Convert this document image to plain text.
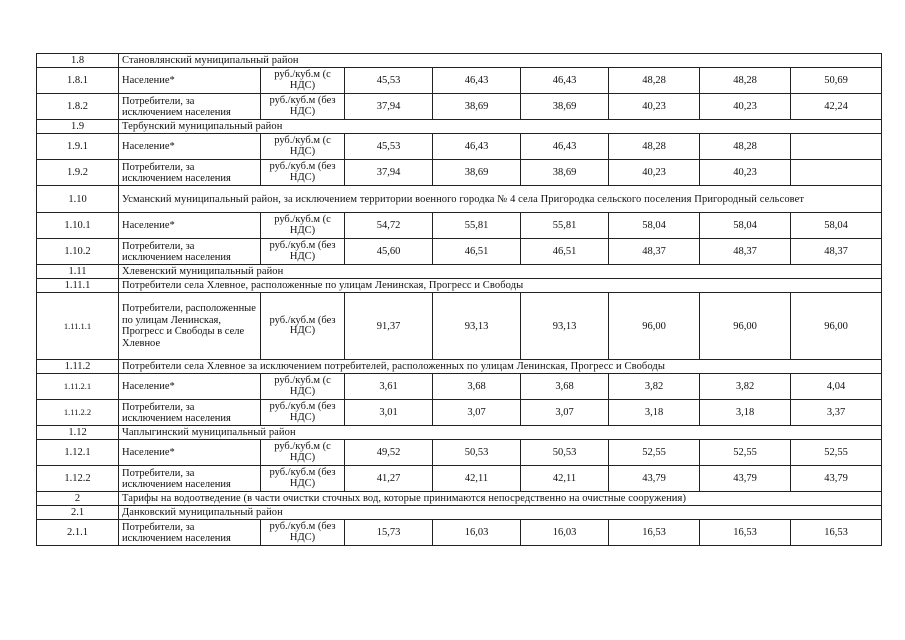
1.8	Становлянский муниципальный район							
1.8.1	Население*	руб./куб.м (с НДС)	45,53	46,43	46,43	48,28	48,28	50,69
1.8.2	Потребители, за исключением населения	руб./куб.м (без НДС)	37,94	38,69	38,69	40,23	40,23	42,24
1.9	Тербунский муниципальный район							
1.9.1	Население*	руб./куб.м (с НДС)	45,53	46,43	46,43	48,28	48,28	
1.9.2	Потребители, за исключением населения	руб./куб.м (без НДС)	37,94	38,69	38,69	40,23	40,23	
1.10	Усманский муниципальный район, за исключением территории военного городка № 4 села Пригородка сельского поселения Пригородный сельсовет							
1.10.1	Население*	руб./куб.м (с НДС)	54,72	55,81	55,81	58,04	58,04	58,04
1.10.2	Потребители, за исключением населения	руб./куб.м (без НДС)	45,60	46,51	46,51	48,37	48,37	48,37
1.11	Хлевенский муниципальный район							
1.11.1	Потребители села Хлевное, расположенные по улицам Ленинская, Прогресс и Свободы							
1.11.1.1	Потребители, расположенные по улицам Ленинская, Прогресс и Свободы в селе Хлевное	руб./куб.м (без НДС)	91,37	93,13	93,13	96,00	96,00	96,00
1.11.2	Потребители села Хлевное за исключением потребителей, расположенных по улицам Ленинская, Прогресс и Свободы							
1.11.2.1	Население*	руб./куб.м (с НДС)	3,61	3,68	3,68	3,82	3,82	4,04
1.11.2.2	Потребители, за исключением населения	руб./куб.м (без НДС)	3,01	3,07	3,07	3,18	3,18	3,37
1.12	Чаплыгинский муниципальный район							
1.12.1	Население*	руб./куб.м (с НДС)	49,52	50,53	50,53	52,55	52,55	52,55
1.12.2	Потребители, за исключением населения	руб./куб.м (без НДС)	41,27	42,11	42,11	43,79	43,79	43,79
2	Тарифы на водоотведение (в части очистки сточных вод, которые принимаются непосредственно на очистные сооружения)							
2.1	Данковский муниципальный район							
2.1.1	Потребители, за исключением населения	руб./куб.м (без НДС)	15,73	16,03	16,03	16,53	16,53	16,53
